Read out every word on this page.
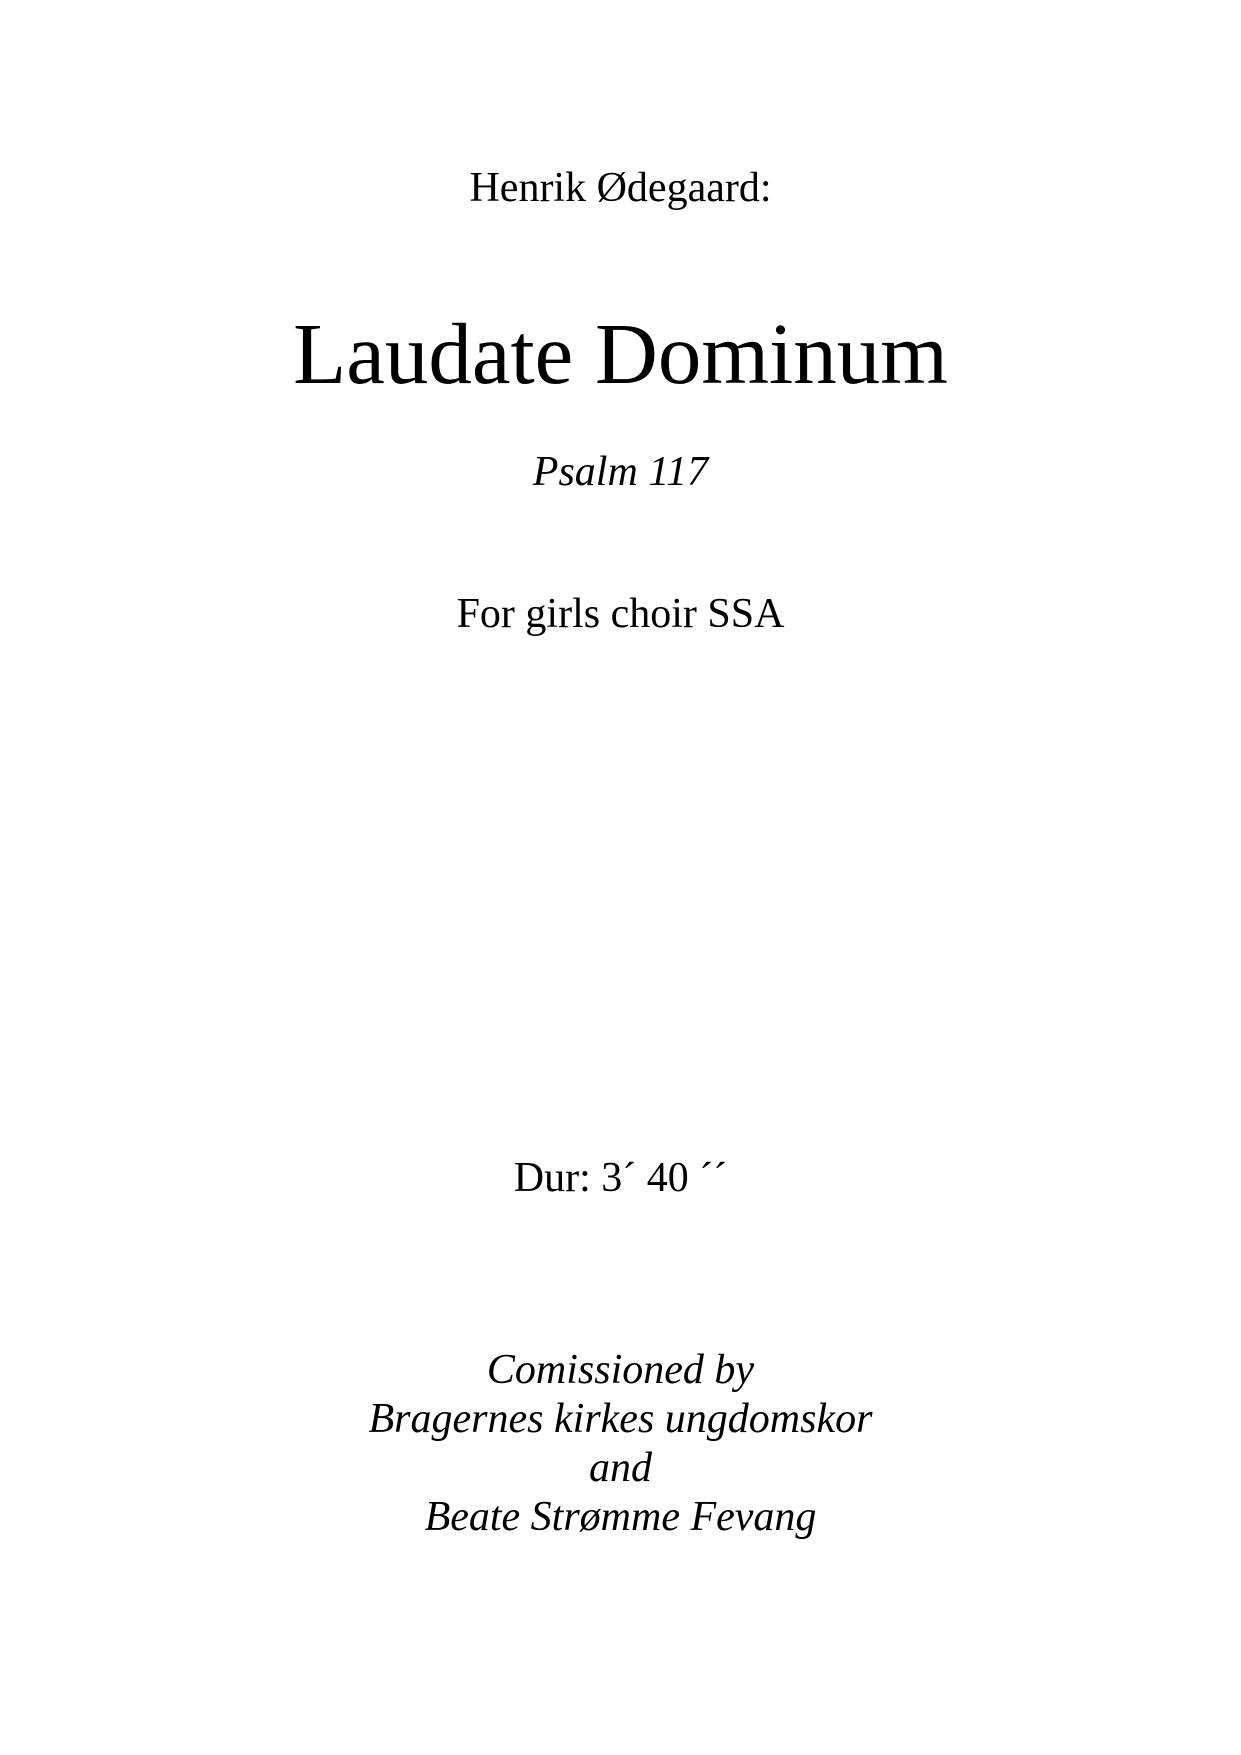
Henrik Ødegaard:
Laudate Dominum
Psalm 117
For girls choir SSA
Dur: 3´ 40 ´´
Comissioned by
Bragernes kirkes ungdomskor
and
Beate Strømme Fevang
